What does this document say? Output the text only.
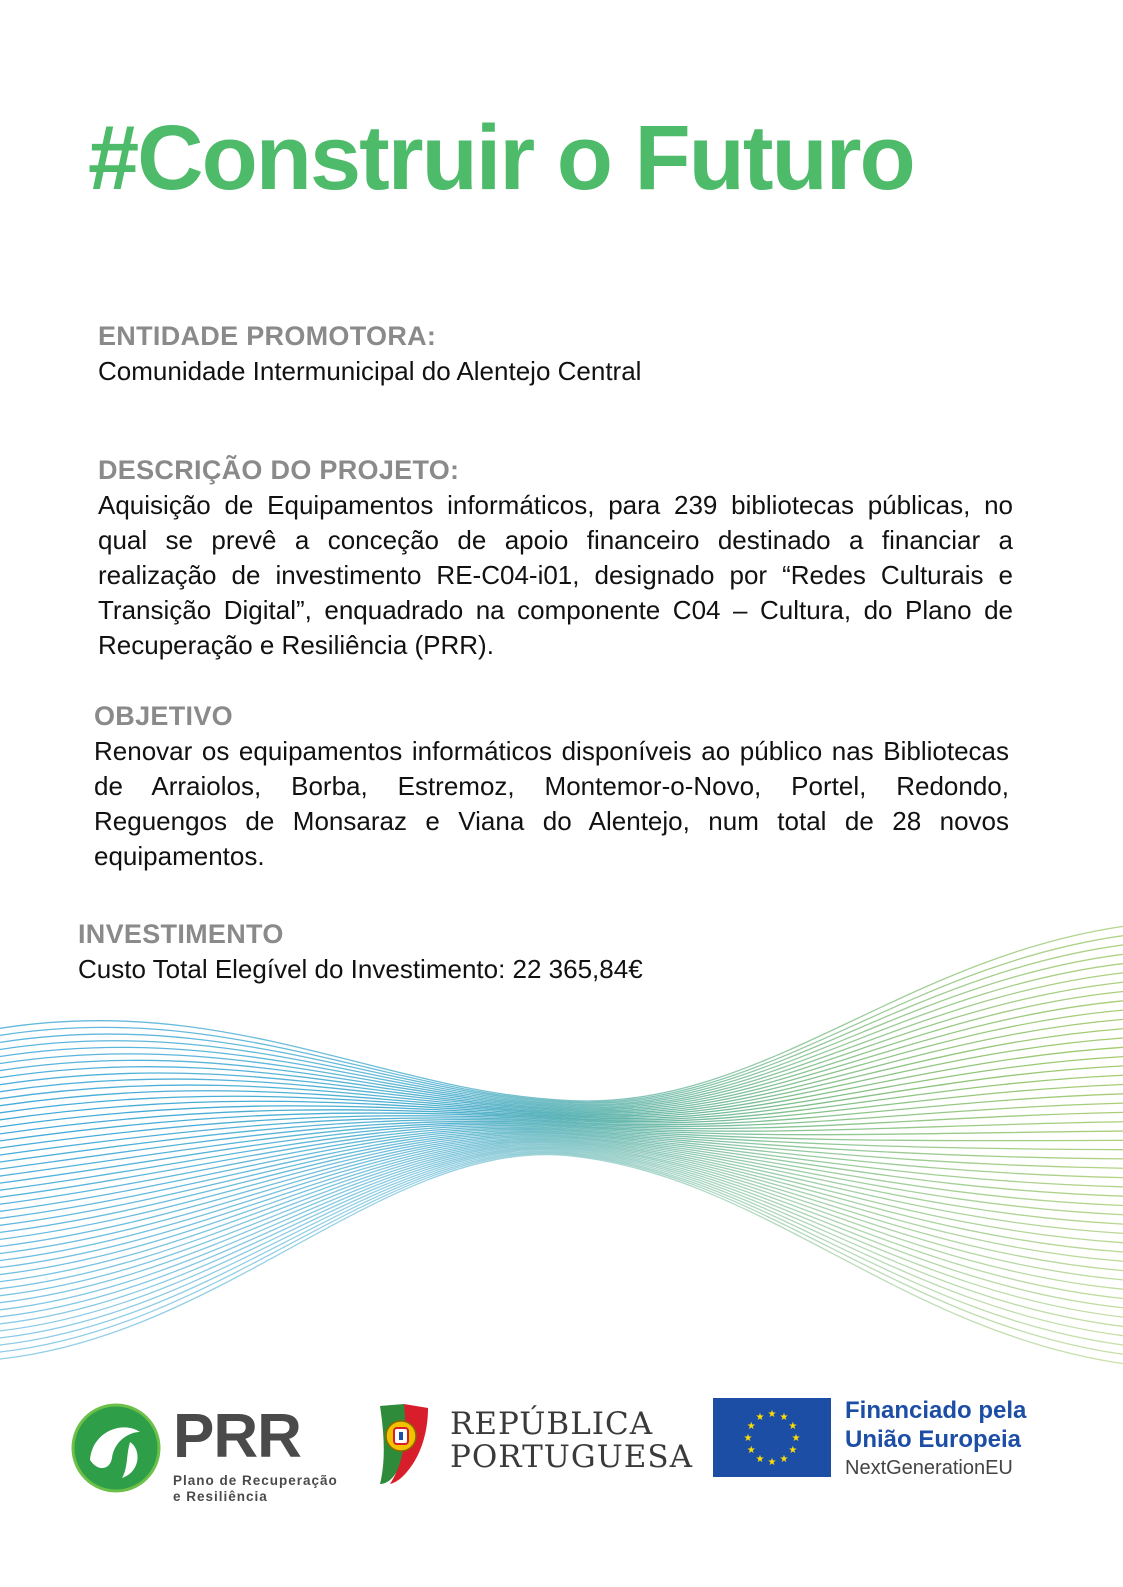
#Construir o Futuro
ENTIDADE PROMOTORA:
Comunidade Intermunicipal do Alentejo Central
DESCRIÇÃO DO PROJETO:
Aquisição de Equipamentos informáticos, para 239 bibliotecas públicas, no qual se prevê a conceção de apoio financeiro destinado a financiar a realização de investimento RE-C04-i01, designado por “Redes Culturais e Transição Digital”, enquadrado na componente C04 – Cultura, do Plano de Recuperação e Resiliência (PRR).
OBJETIVO
Renovar os equipamentos informáticos disponíveis ao público nas Bibliotecas de Arraiolos, Borba, Estremoz, Montemor-o-Novo, Portel, Redondo, Reguengos de Monsaraz e Viana do Alentejo, num total de 28 novos equipamentos.
INVESTIMENTO
Custo Total Elegível do Investimento: 22 365,84€
PRR
Plano de Recuperação
e Resiliência
REPÚBLICA
PORTUGUESA
★ ★
★
★
★
★
★
★
★
★
★
★	Financiado pela
União Europeia
NextGenerationEU
